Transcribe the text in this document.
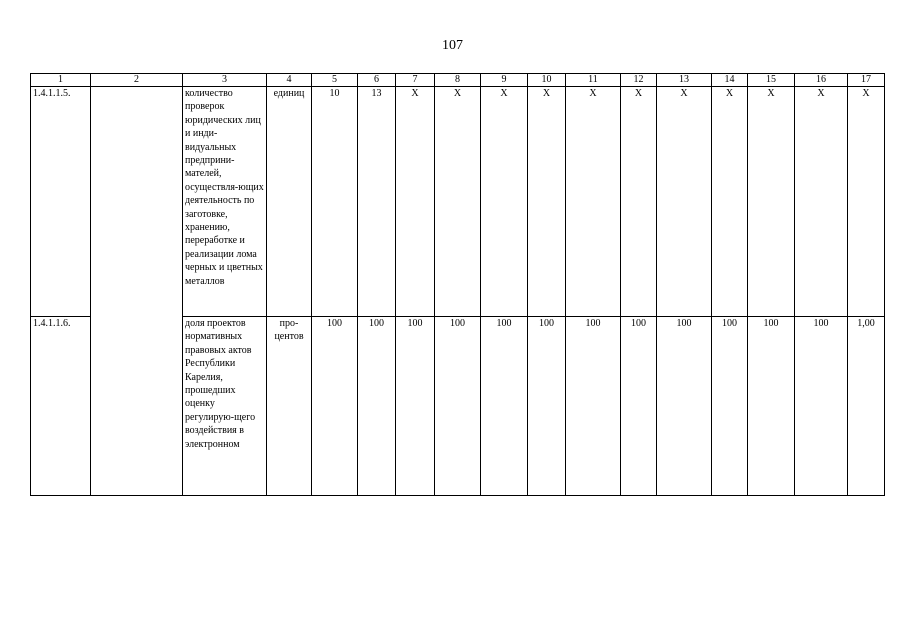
107
1	2	3	4	5	6	7	8	9	10	11	12	13	14	15	16	17
1.4.1.1.5.		количество проверок юридических лиц и инди-видуальных предприни-мателей, осуществля-ющих деятельность по заготовке, хранению, переработке и реализации лома черных и цветных металлов	единиц	10	13	X	X	X	X	X	X	X	X	X	X	X
1.4.1.1.6.		доля проектов нормативных правовых актов Республики Карелия, прошедших оценку регулирую-щего воздействия в электронном	про-центов	100	100	100	100	100	100	100	100	100	100	100	100	1,00
